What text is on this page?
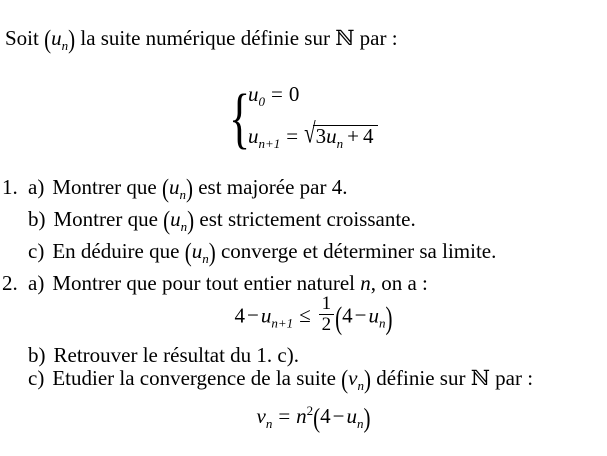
Soit $(u_n)$ la suite numérique définie sur ℕ par :
{
$u_0 = 0$
$u_{n+1} = √3u_n + 4$
1. a) Montrer que $(u_n)$ est majorée par 4.
b) Montrer que $(u_n)$ est strictement croissante.
c) En déduire que $(u_n)$ converge et déterminer sa limite.
2. a) Montrer que pour tout entier naturel n, on a :
$4-u_{n+1} \le \frac{1}{2} (4-u_n)$
b) Retrouver le résultat du 1. c).
c) Etudier la convergence de la suite $(v_n)$ définie sur ℕ par :
$v_n = n^2(4-u_n)$
